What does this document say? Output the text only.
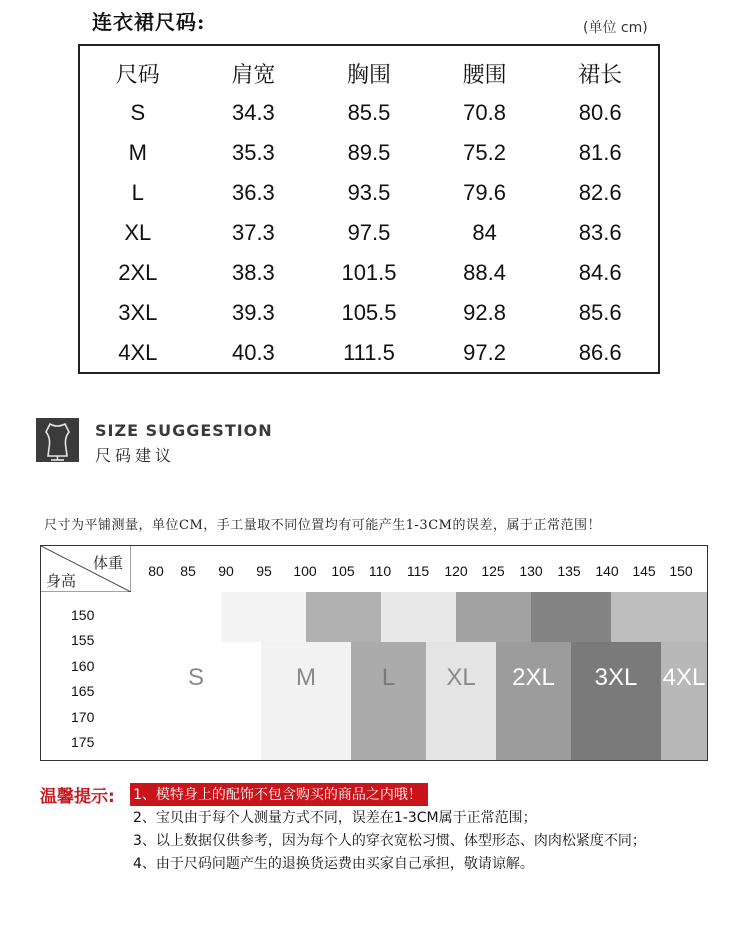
连衣裙尺码:	(单位 cm)
尺码	肩宽	胸围	腰围	裙长
S	34.3	85.5	70.8	80.6
M	35.3	89.5	75.2	81.6
L	36.3	93.5	79.6	82.6
XL	37.3	97.5	84	83.6
2XL	38.3	101.5	88.4	84.6
3XL	39.3	105.5	92.8	85.6
4XL	40.3	111.5	97.2	86.6
SIZE SUGGESTION
尺码建议
尺寸为平铺测量，单位CM，手工量取不同位置均有可能产生1-3CM的误差，属于正常范围！
体重
身高
80 85 90 95 100 105 110 115 120 125 130 135 140 145 150
150
155
160
165
170
175
S	M	L XL 2XL 3XL 4XL
温馨提示: 1、模特身上的配饰不包含购买的商品之内哦！
2、宝贝由于每个人测量方式不同，误差在1-3CM属于正常范围；
3、以上数据仅供参考，因为每个人的穿衣宽松习惯、体型形态、肉肉松紧度不同；
4、由于尺码问题产生的退换货运费由买家自己承担，敬请谅解。
